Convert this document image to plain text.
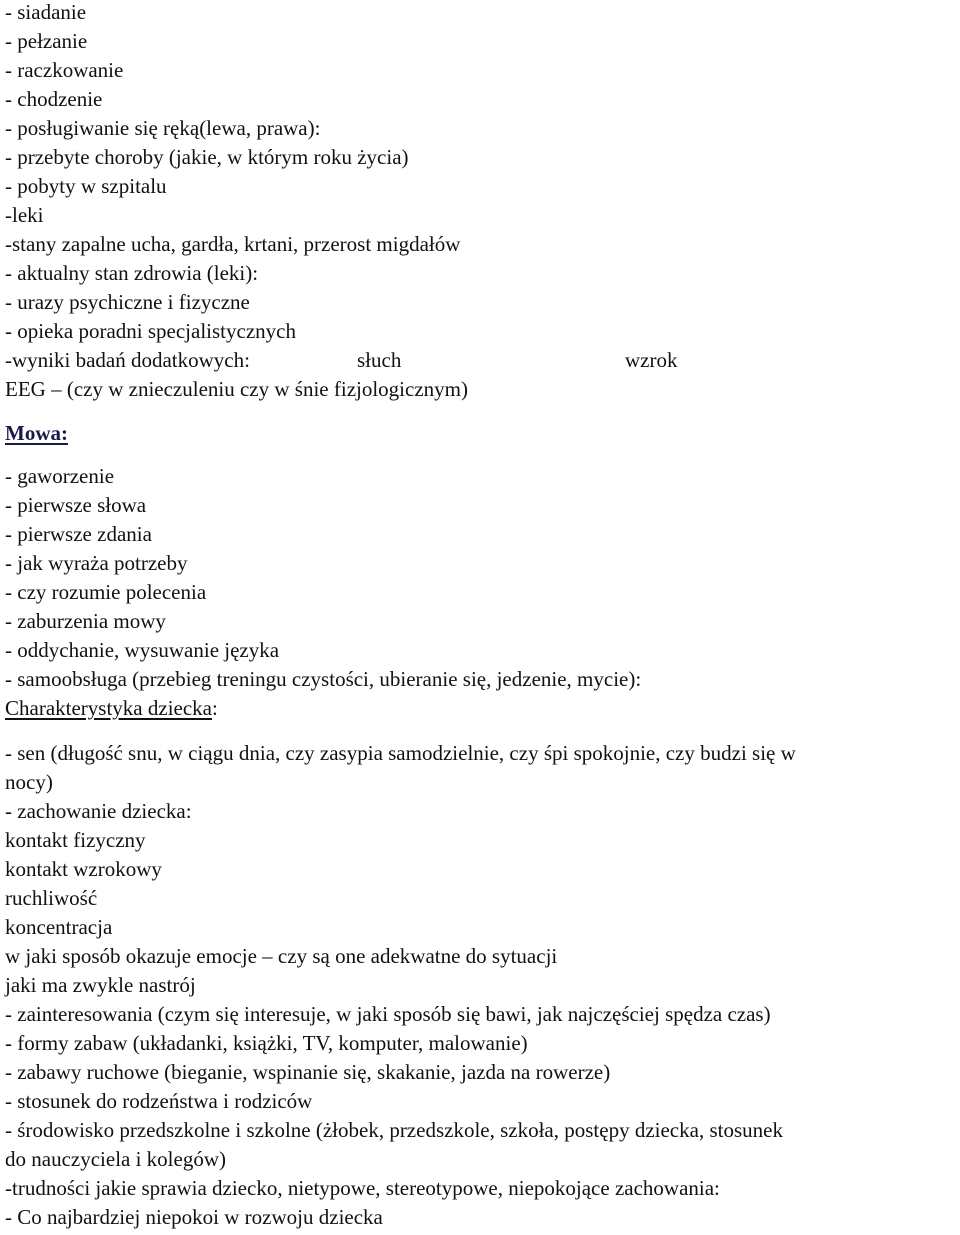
- siadanie
- pełzanie
- raczkowanie
- chodzenie
- posługiwanie się ręką(lewa, prawa):
- przebyte choroby (jakie, w którym roku życia)
- pobyty w szpitalu
-leki
-stany zapalne ucha, gardła, krtani, przerost migdałów
- aktualny stan zdrowia (leki):
- urazy psychiczne i fizyczne
- opieka poradni specjalistycznych
-wyniki badań dodatkowych:	słuch	wzrok
EEG – (czy w znieczuleniu czy w śnie fizjologicznym)
Mowa:
- gaworzenie
- pierwsze słowa
- pierwsze zdania
- jak wyraża potrzeby
- czy rozumie polecenia
- zaburzenia mowy
- oddychanie, wysuwanie języka
- samoobsługa (przebieg treningu czystości, ubieranie się, jedzenie, mycie):
Charakterystyka dziecka:
- sen (długość snu, w ciągu dnia, czy zasypia samodzielnie, czy śpi spokojnie, czy budzi się w
nocy)
- zachowanie dziecka:
kontakt fizyczny
kontakt wzrokowy
ruchliwość
koncentracja
w jaki sposób okazuje emocje – czy są one adekwatne do sytuacji
jaki ma zwykle nastrój
- zainteresowania (czym się interesuje, w jaki sposób się bawi, jak najczęściej spędza czas)
- formy zabaw (układanki, książki, TV, komputer, malowanie)
- zabawy ruchowe (bieganie, wspinanie się, skakanie, jazda na rowerze)
- stosunek do rodzeństwa i rodziców
- środowisko przedszkolne i szkolne (żłobek, przedszkole, szkoła, postępy dziecka, stosunek
do nauczyciela i kolegów)
-trudności jakie sprawia dziecko, nietypowe, stereotypowe, niepokojące zachowania:
- Co najbardziej niepokoi w rozwoju dziecka
